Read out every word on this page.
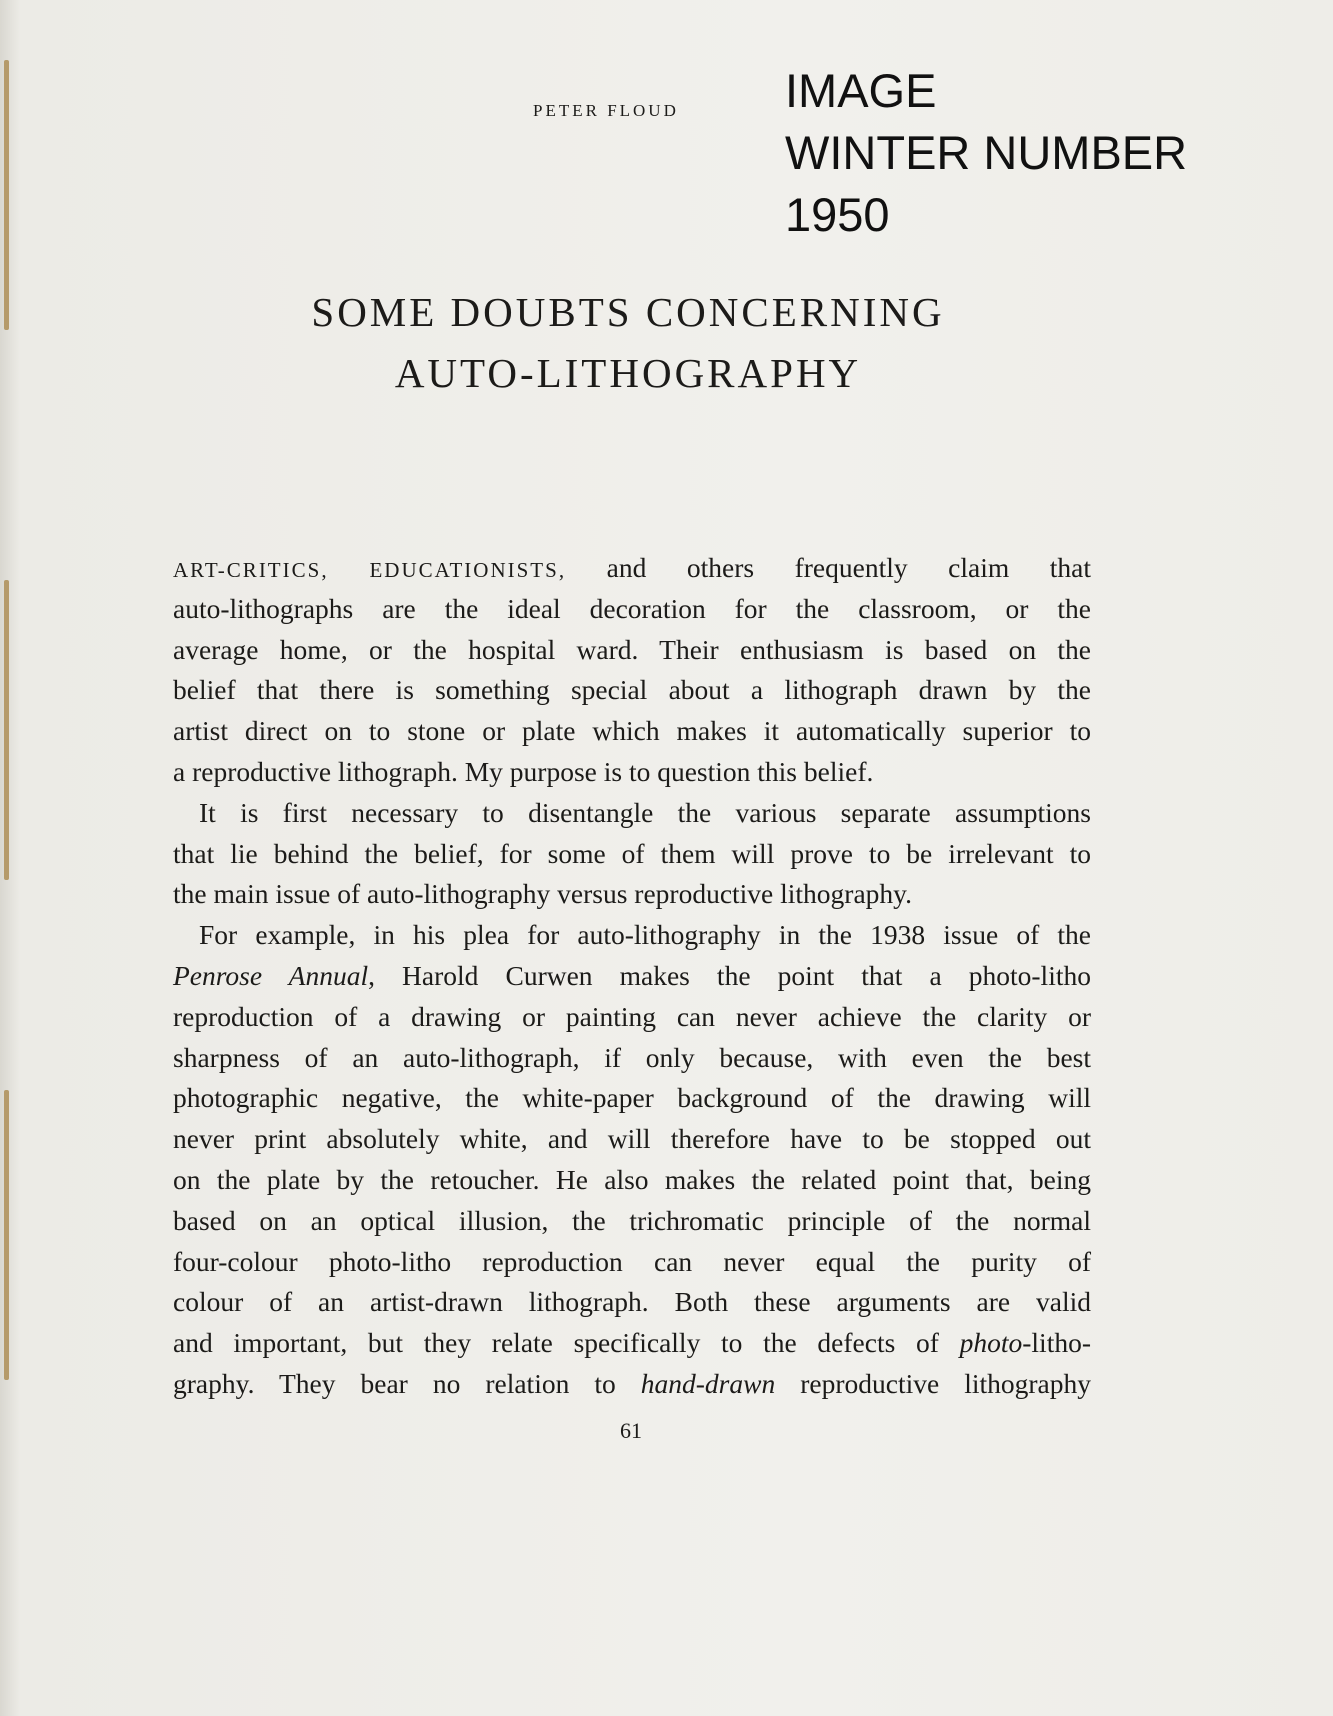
PETER FLOUD IMAGE
WINTER NUMBER
1950
SOME DOUBTS CONCERNING
AUTO-LITHOGRAPHY
ART-CRITICS, EDUCATIONISTS, and others frequently claim that
auto-lithographs are the ideal decoration for the classroom, or the
average home, or the hospital ward. Their enthusiasm is based on the
belief that there is something special about a lithograph drawn by the
artist direct on to stone or plate which makes it automatically superior to
a reproductive lithograph. My purpose is to question this belief.
It is first necessary to disentangle the various separate assumptions
that lie behind the belief, for some of them will prove to be irrelevant to
the main issue of auto-lithography versus reproductive lithography.
For example, in his plea for auto-lithography in the 1938 issue of the
Penrose Annual, Harold Curwen makes the point that a photo-litho
reproduction of a drawing or painting can never achieve the clarity or
sharpness of an auto-lithograph, if only because, with even the best
photographic negative, the white-paper background of the drawing will
never print absolutely white, and will therefore have to be stopped out
on the plate by the retoucher. He also makes the related point that, being
based on an optical illusion, the trichromatic principle of the normal
four-colour photo-litho reproduction can never equal the purity of
colour of an artist-drawn lithograph. Both these arguments are valid
and important, but they relate specifically to the defects of photo-litho-
graphy. They bear no relation to hand-drawn reproductive lithography
61
